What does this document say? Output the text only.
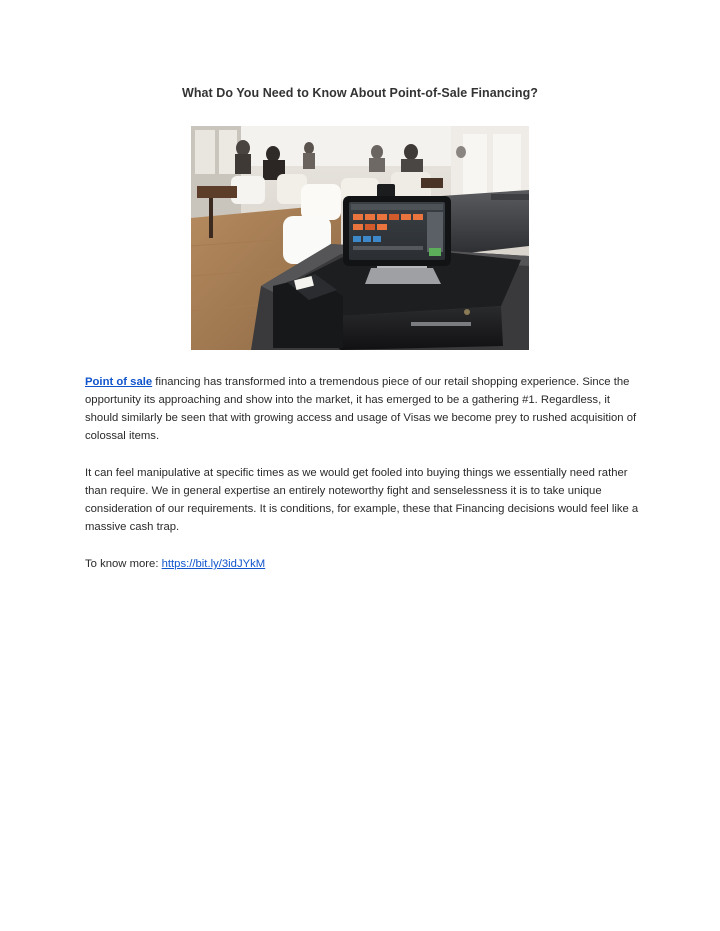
What Do You Need to Know About Point-of-Sale Financing?
Point of sale financing has transformed into a tremendous piece of our retail shopping experience. Since the opportunity its approaching and show into the market, it has emerged to be a gathering #1. Regardless, it should similarly be seen that with growing access and usage of Visas we become prey to rushed acquisition of colossal items.
It can feel manipulative at specific times as we would get fooled into buying things we essentially need rather than require. We in general expertise an entirely noteworthy fight and senselessness it is to take unique consideration of our requirements. It is conditions, for example, these that Financing decisions would feel like a massive cash trap.
To know more: https://bit.ly/3idJYkM
